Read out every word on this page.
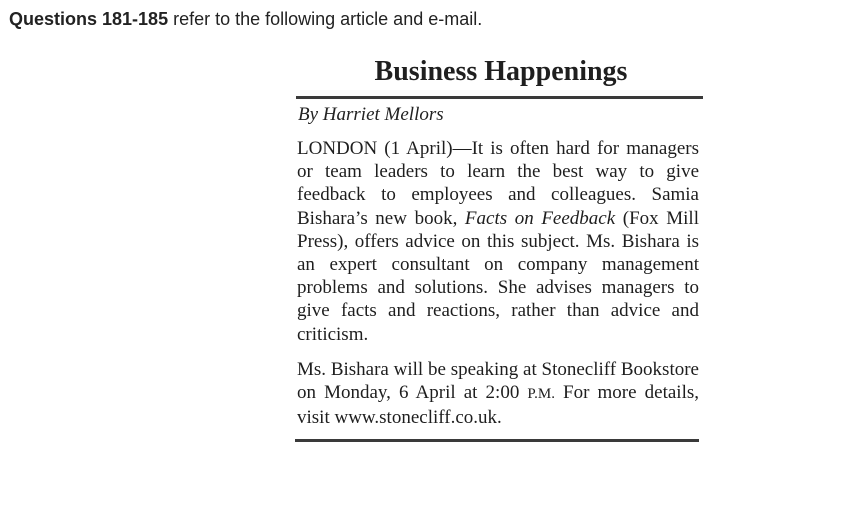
Questions 181-185 refer to the following article and e-mail.
Business Happenings
By Harriet Mellors
LONDON (1 April)—It is often hard for managers or team leaders to learn the best way to give feedback to employees and colleagues. Samia Bishara’s new book, Facts on Feedback (Fox Mill Press), offers advice on this subject. Ms. Bishara is an expert consultant on company management problems and solutions. She advises managers to give facts and reactions, rather than advice and criticism.
Ms. Bishara will be speaking at Stonecliff Bookstore on Monday, 6 April at 2:00 P.M. For more details, visit www.stonecliff.co.uk.
